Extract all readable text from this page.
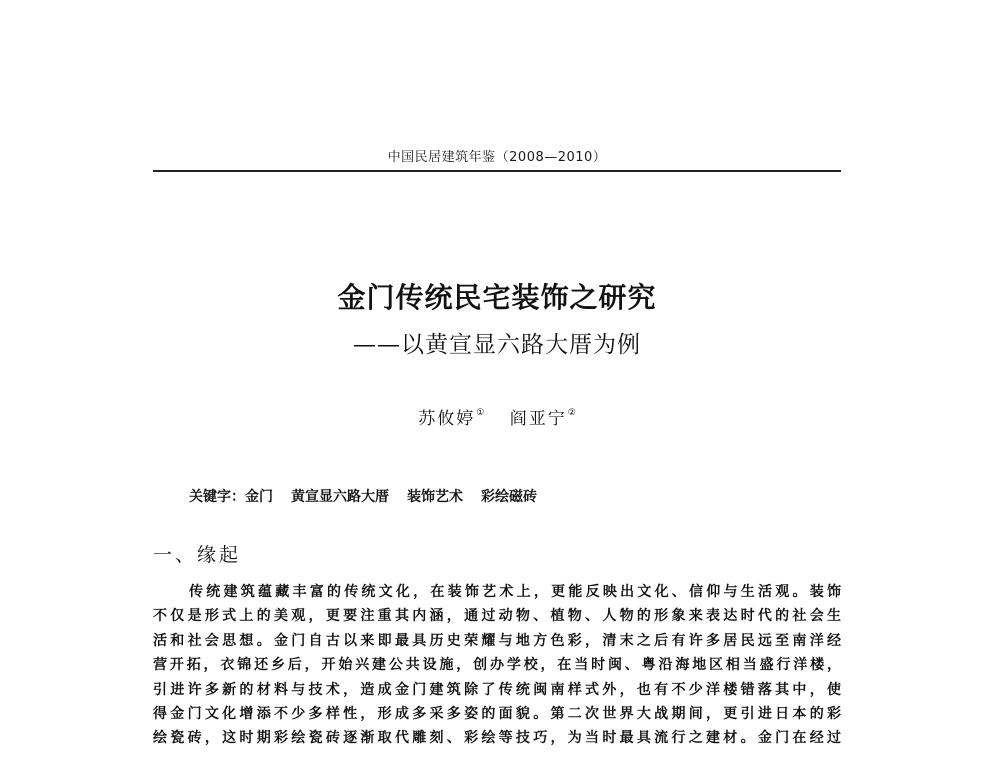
中国民居建筑年鉴（2008—2010）
金门传统民宅装饰之研究
——以黄宣显六路大厝为例
苏攸婷① 阎亚宁②
关键字：金门 黄宣显六路大厝 装饰艺术 彩绘磁砖
一、缘起
传统建筑蕴藏丰富的传统文化，在装饰艺术上，更能反映出文化、信仰与生活观。装饰
不仅是形式上的美观，更要注重其内涵，通过动物、植物、人物的形象来表达时代的社会生
活和社会思想。金门自古以来即最具历史荣耀与地方色彩，清末之后有许多居民远至南洋经
营开拓，衣锦还乡后，开始兴建公共设施，创办学校，在当时闽、粤沿海地区相当盛行洋楼，
引进许多新的材料与技术，造成金门建筑除了传统闽南样式外，也有不少洋楼错落其中，使
得金门文化增添不少多样性，形成多采多姿的面貌。第二次世界大战期间，更引进日本的彩
绘瓷砖，这时期彩绘瓷砖逐渐取代雕刻、彩绘等技巧，为当时最具流行之建材。金门在经过
